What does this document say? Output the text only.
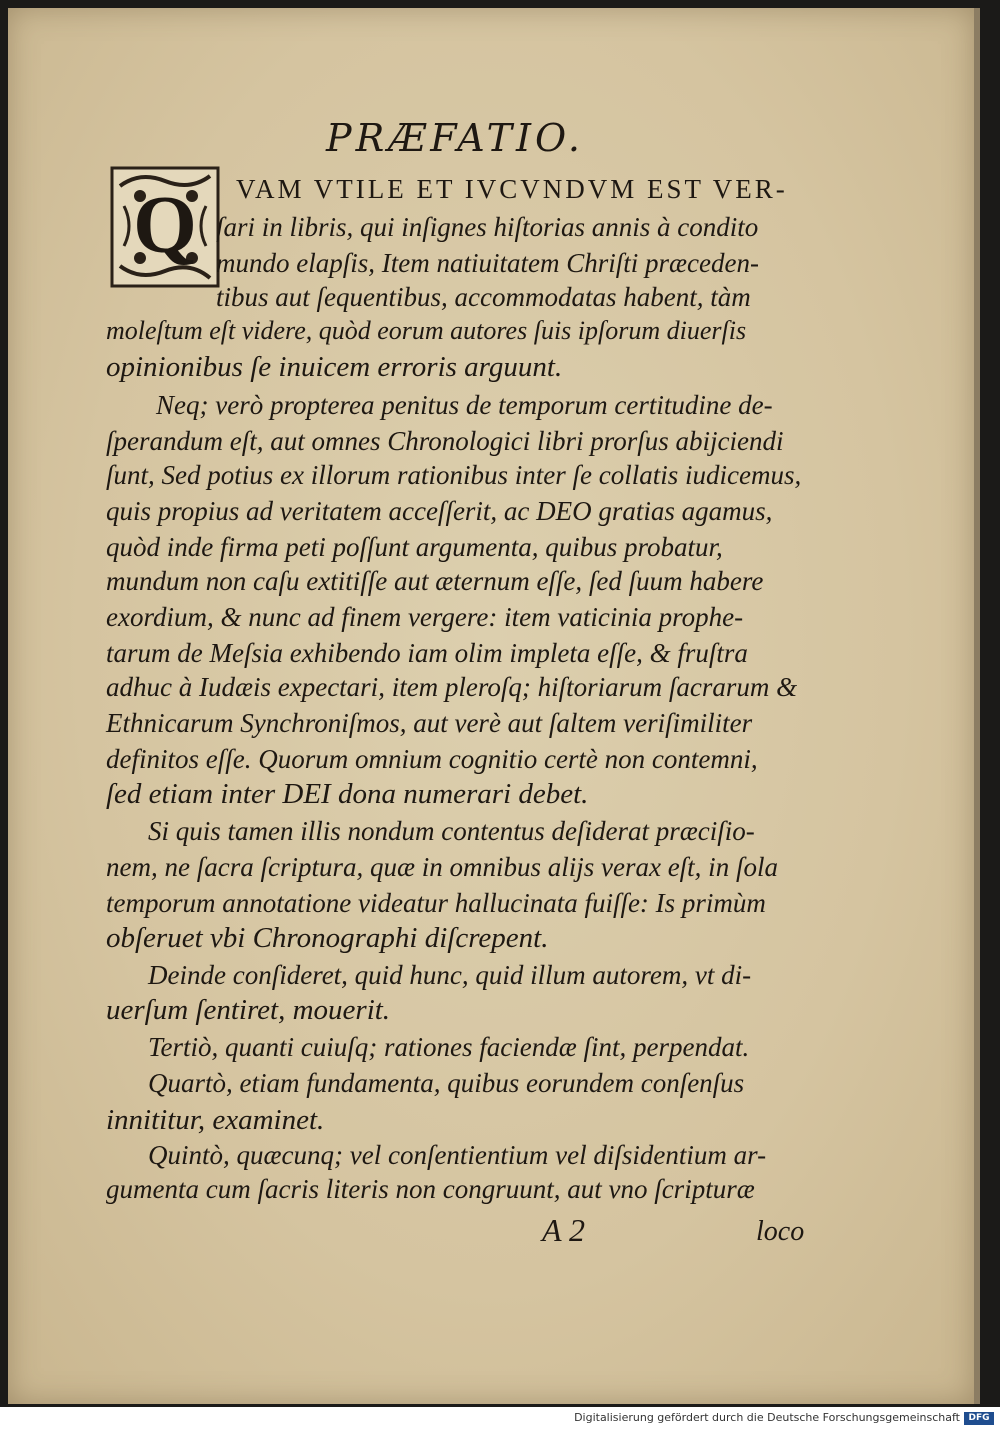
PRÆFATIO.
Q VAM VTILE ET IVCVNDVM EST VER-
ſari in libris, qui inſignes hiſtorias annis à condito
mundo elapſis, Item natiuitatem Chriſti præceden-
tibus aut ſequentibus, accommodatas habent, tàm
moleſtum eſt videre, quòd eorum autores ſuis ipſorum diuerſis
opinionibus ſe inuicem erroris arguunt.
Neq; verò propterea penitus de temporum certitudine de-
ſperandum eſt, aut omnes Chronologici libri prorſus abijciendi
ſunt, Sed potius ex illorum rationibus inter ſe collatis iudicemus,
quis propius ad veritatem acceſſerit, ac DEO gratias agamus,
quòd inde firma peti poſſunt argumenta, quibus probatur,
mundum non caſu extitiſſe aut æternum eſſe, ſed ſuum habere
exordium, & nunc ad finem vergere: item vaticinia prophe-
tarum de Meſsia exhibendo iam olim impleta eſſe, & fruſtra
adhuc à Iudæis expectari, item pleroſq; hiſtoriarum ſacrarum &
Ethnicarum Synchroniſmos, aut verè aut ſaltem veriſimiliter
definitos eſſe. Quorum omnium cognitio certè non contemni,
ſed etiam inter DEI dona numerari debet.
Si quis tamen illis nondum contentus deſiderat præciſio-
nem, ne ſacra ſcriptura, quæ in omnibus alijs verax eſt, in ſola
temporum annotatione videatur hallucinata fuiſſe: Is primùm
obſeruet vbi Chronographi diſcrepent.
Deinde conſideret, quid hunc, quid illum autorem, vt di-
uerſum ſentiret, mouerit.
Tertiò, quanti cuiuſq; rationes faciendæ ſint, perpendat.
Quartò, etiam fundamenta, quibus eorundem conſenſus
innititur, examinet.
Quintò, quæcunq; vel conſentientium vel diſsidentium ar-
gumenta cum ſacris literis non congruunt, aut vno ſcripturæ
A 2	loco
Digitalisierung gefördert durch die Deutsche Forschungsgemeinschaft DFG
